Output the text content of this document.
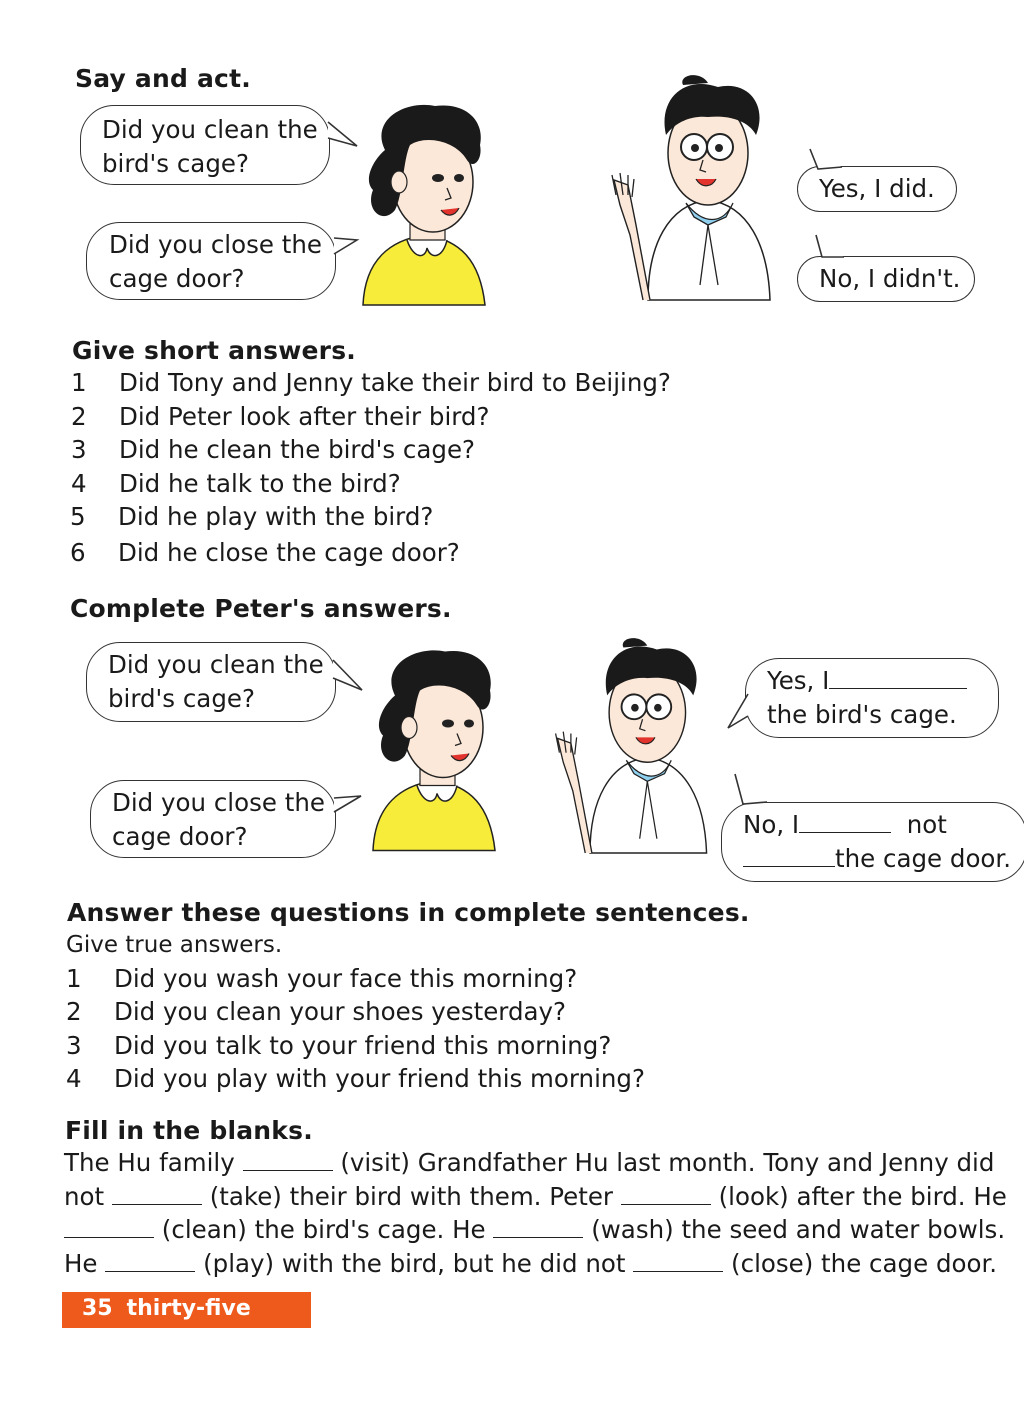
Say and act.
Did you clean the
bird's cage?
Did you close the
cage door?
Yes, I did.
No, I didn't.
Give short answers.
1 Did Tony and Jenny take their bird to Beijing?
2 Did Peter look after their bird?
3 Did he clean the bird's cage?
4 Did he talk to the bird?
5 Did he play with the bird?
6 Did he close the cage door?
Complete Peter's answers.
Did you clean the
bird's cage?
Did you close the
cage door?
Yes, I
the bird's cage.
No, I	not
the cage door.
Answer these questions in complete sentences.
Give true answers.
1 Did you wash your face this morning?
2 Did you clean your shoes yesterday?
3 Did you talk to your friend this morning?
4 Did you play with your friend this morning?
Fill in the blanks.
The Hu family	(visit) Grandfather Hu last month. Tony and Jenny did
not	(take) their bird with them. Peter	(look) after the bird. He
(clean) the bird's cage. He	(wash) the seed and water bowls.
He	(play) with the bird, but he did not	(close) the cage door.
35 thirty-five
